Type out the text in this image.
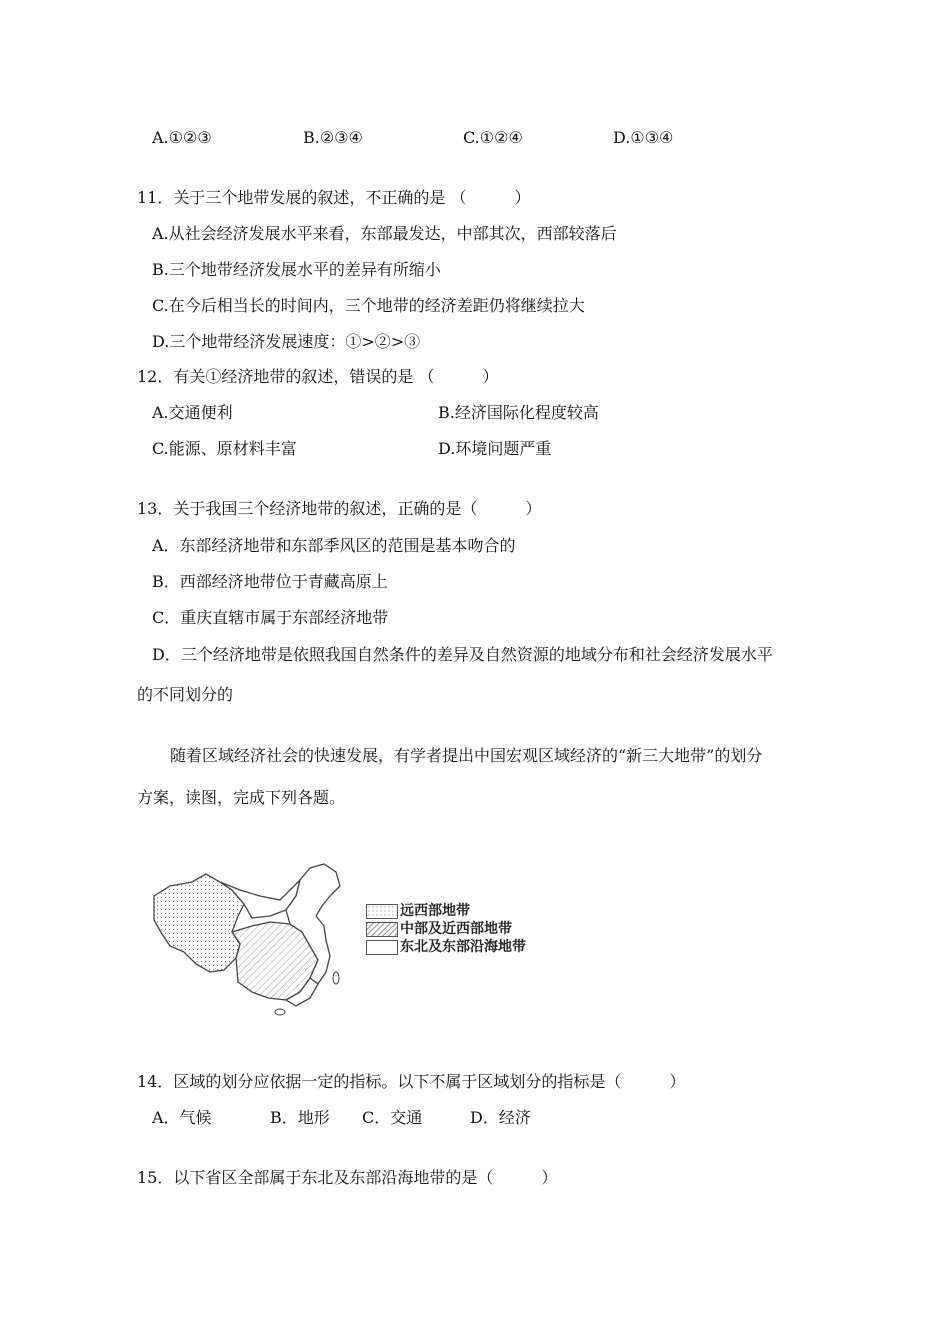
A.①②③	B.②③④	C.①②④	D.①③④
11．关于三个地带发展的叙述，不正确的是 （　　　）
A.从社会经济发展水平来看，东部最发达，中部其次，西部较落后
B.三个地带经济发展水平的差异有所缩小
C.在今后相当长的时间内，三个地带的经济差距仍将继续拉大
D.三个地带经济发展速度：①>②>③
12．有关①经济地带的叙述，错误的是 （　　　）
A.交通便利	B.经济国际化程度较高
C.能源、原材料丰富	D.环境问题严重
13．关于我国三个经济地带的叙述，正确的是（　　　）
A．东部经济地带和东部季风区的范围是基本吻合的
B．西部经济地带位于青藏高原上
C．重庆直辖市属于东部经济地带
D．三个经济地带是依照我国自然条件的差异及自然资源的地域分布和社会经济发展水平
的不同划分的
随着区域经济社会的快速发展，有学者提出中国宏观区域经济的“新三大地带”的划分
方案，读图，完成下列各题。
远西部地带
中部及近西部地带
东北及东部沿海地带
14．区域的划分应依据一定的指标。以下不属于区域划分的指标是（　　　）
A．气候	B．地形 C．交通	D．经济
15．以下省区全部属于东北及东部沿海地带的是（　　　）
